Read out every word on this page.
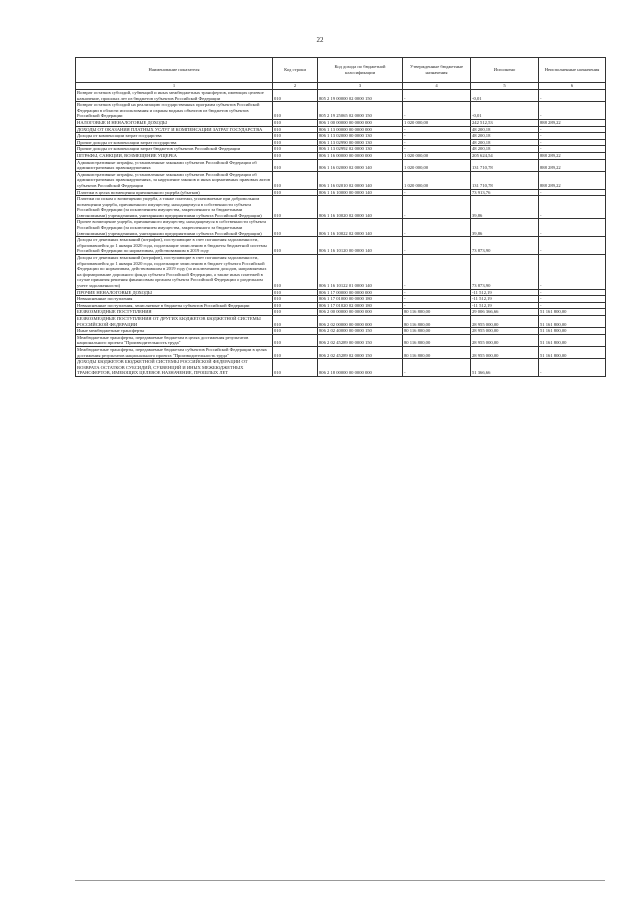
22
Наименование показателя	Код строки	Код дохода по бюджетной классификации	Утвержденные бюджетные назначения	Исполнено	Неисполненные назначения
1	2	3	4	5	6
Возврат остатков субсидий, субвенций и иных межбюджетных трансфертов, имеющих целевое назначение, прошлых лет из бюджетов субъектов Российской Федерации	010	805 2 19 00000 02 0000 150	-	-0,01	-
Возврат остатков субсидий на реализацию государственных программ субъектов Российской Федерации в области использования и охраны водных объектов из бюджетов субъектов Российской Федерации	010	805 2 19 25065 02 0000 150	-	-0,01	-
НАЛОГОВЫЕ И НЕНАЛОГОВЫЕ ДОХОДЫ	010	806 1 00 00000 00 0000 000	1 020 000,00	242 512,53	888 289,22
ДОХОДЫ ОТ ОКАЗАНИЯ ПЛАТНЫХ УСЛУГ И КОМПЕНСАЦИИ ЗАТРАТ ГОСУДАРСТВА	010	806 1 13 00000 00 0000 000	-	48 200,18	-
Доходы от компенсации затрат государства	010	806 1 13 02000 00 0000 130	-	48 200,18	-
Прочие доходы от компенсации затрат государства	010	806 1 13 02990 00 0000 130	-	48 200,18	-
Прочие доходы от компенсации затрат бюджетов субъектов Российской Федерации	010	806 1 13 02992 02 0000 130	-	48 200,18	-
ШТРАФЫ, САНКЦИИ, ВОЗМЕЩЕНИЕ УЩЕРБА	010	806 1 16 00000 00 0000 000	1 020 000,00	205 624,54	888 289,22
Административные штрафы, установленные законами субъектов Российской Федерации об административных правонарушениях	010	806 1 16 02000 02 0000 140	1 020 000,00	131 710,78	888 289,22
Административные штрафы, установленные законами субъектов Российской Федерации об административных правонарушениях, за нарушение законов и иных нормативных правовых актов субъектов Российской Федерации	010	806 1 16 02010 02 0000 140	1 020 000,00	131 710,78	888 289,22
Платежи в целях возмещения причиненного ущерба (убытков)	010	806 1 16 10000 00 0000 140	-	73 913,76	-
Платежи по искам о возмещении ущерба, а также платежи, уплачиваемые при добровольном возмещении ущерба, причиненного имуществу, находящемуся в собственности субъекта Российской Федерации (за исключением имущества, закрепленного за бюджетными (автономными) учреждениями, унитарными предприятиями субъекта Российской Федерации)	010	806 1 16 10020 02 0000 140	-	39,86	-
Прочее возмещение ущерба, причиненного имуществу, находящемуся в собственности субъекта Российской Федерации (за исключением имущества, закрепленного за бюджетными (автономными) учреждениями, унитарными предприятиями субъекта Российской Федерации)	010	806 1 16 10022 02 0000 140	-	39,86	-
Доходы от денежных взысканий (штрафов), поступающие в счет погашения задолженности, образовавшейся до 1 января 2020 года, подлежащие зачислению в бюджеты бюджетной системы Российской Федерации по нормативам, действовавшим в 2019 году	010	806 1 16 10120 00 0000 140	-	73 873,90	-
Доходы от денежных взысканий (штрафов), поступающие в счет погашения задолженности, образовавшейся до 1 января 2020 года, подлежащие зачислению в бюджет субъекта Российской Федерации по нормативам, действовавшим в 2019 году (за исключением доходов, направляемых на формирование дорожного фонда субъекта Российской Федерации, а также иных платежей в случае принятия решения финансовым органом субъекта Российской Федерации о раздельном учете задолженности)	010	806 1 16 10122 01 0000 140	-	73 873,90	-
ПРОЧИЕ НЕНАЛОГОВЫЕ ДОХОДЫ	010	806 1 17 00000 00 0000 000	-	-11 512,19	-
Невыясненные поступления	010	806 1 17 01000 00 0000 180	-	-11 512,19	-
Невыясненные поступления, зачисляемые в бюджеты субъектов Российской Федерации	010	806 1 17 01020 02 0000 180	-	-11 512,19	-
БЕЗВОЗМЕЗДНЫЕ ПОСТУПЛЕНИЯ	010	806 2 00 00000 00 0000 000	80 116 800,00	29 006 366,66	51 161 800,00
БЕЗВОЗМЕЗДНЫЕ ПОСТУПЛЕНИЯ ОТ ДРУГИХ БЮДЖЕТОВ БЮДЖЕТНОЙ СИСТЕМЫ РОССИЙСКОЙ ФЕДЕРАЦИИ	010	806 2 02 00000 00 0000 000	80 116 800,00	28 955 000,00	51 161 800,00
Иные межбюджетные трансферты	010	806 2 02 40000 00 0000 150	80 116 800,00	28 955 000,00	51 161 800,00
Межбюджетные трансферты, передаваемые бюджетам в целях достижения результатов национального проекта "Производительность труда"	010	806 2 02 45289 00 0000 150	80 116 800,00	28 955 000,00	51 161 800,00
Межбюджетные трансферты, передаваемые бюджетам субъектов Российской Федерации в целях достижения результатов национального проекта "Производительность труда"	010	806 2 02 45289 02 0000 150	80 116 800,00	28 955 000,00	51 161 800,00
ДОХОДЫ БЮДЖЕТОВ БЮДЖЕТНОЙ СИСТЕМЫ РОССИЙСКОЙ ФЕДЕРАЦИИ ОТ ВОЗВРАТА ОСТАТКОВ СУБСИДИЙ, СУБВЕНЦИЙ И ИНЫХ МЕЖБЮДЖЕТНЫХ ТРАНСФЕРТОВ, ИМЕЮЩИХ ЦЕЛЕВОЕ НАЗНАЧЕНИЕ, ПРОШЛЫХ ЛЕТ	010	806 2 18 00000 00 0000 000	-	51 366,66	-
